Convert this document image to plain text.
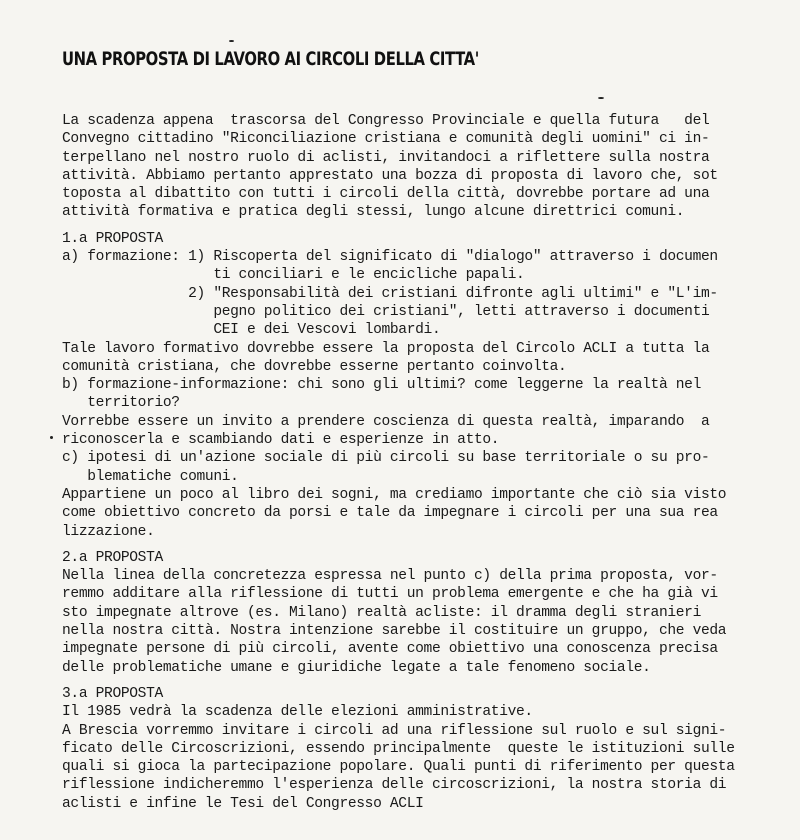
UNA PROPOSTA DI LAVORO AI CIRCOLI DELLA CITTA'
La scadenza appena  trascorsa del Congresso Provinciale e quella futura   del
Convegno cittadino "Riconciliazione cristiana e comunità degli uomini" ci in-
terpellano nel nostro ruolo di aclisti, invitandoci a riflettere sulla nostra
attività. Abbiamo pertanto apprestato una bozza di proposta di lavoro che, sot
toposta al dibattito con tutti i circoli della città, dovrebbe portare ad una
attività formativa e pratica degli stessi, lungo alcune direttrici comuni.
1.a PROPOSTA
a) formazione: 1) Riscoperta del significato di "dialogo" attraverso i documen
ti conciliari e le encicliche papali.
2) "Responsabilità dei cristiani difronte agli ultimi" e "L'im-
pegno politico dei cristiani", letti attraverso i documenti
CEI e dei Vescovi lombardi.
Tale lavoro formativo dovrebbe essere la proposta del Circolo ACLI a tutta la
comunità cristiana, che dovrebbe esserne pertanto coinvolta.
b) formazione-informazione: chi sono gli ultimi? come leggerne la realtà nel
territorio?
Vorrebbe essere un invito a prendere coscienza di questa realtà, imparando  a
riconoscerla e scambiando dati e esperienze in atto.
c) ipotesi di un'azione sociale di più circoli su base territoriale o su pro-
blematiche comuni.
Appartiene un poco al libro dei sogni, ma crediamo importante che ciò sia visto
come obiettivo concreto da porsi e tale da impegnare i circoli per una sua rea
lizzazione.
2.a PROPOSTA
Nella linea della concretezza espressa nel punto c) della prima proposta, vor-
remmo additare alla riflessione di tutti un problema emergente e che ha già vi
sto impegnate altrove (es. Milano) realtà acliste: il dramma degli stranieri
nella nostra città. Nostra intenzione sarebbe il costituire un gruppo, che veda
impegnate persone di più circoli, avente come obiettivo una conoscenza precisa
delle problematiche umane e giuridiche legate a tale fenomeno sociale.
3.a PROPOSTA
Il 1985 vedrà la scadenza delle elezioni amministrative.
A Brescia vorremmo invitare i circoli ad una riflessione sul ruolo e sul signi-
ficato delle Circoscrizioni, essendo principalmente  queste le istituzioni sulle
quali si gioca la partecipazione popolare. Quali punti di riferimento per questa
riflessione indicheremmo l'esperienza delle circoscrizioni, la nostra storia di
aclisti e infine le Tesi del Congresso ACLI
